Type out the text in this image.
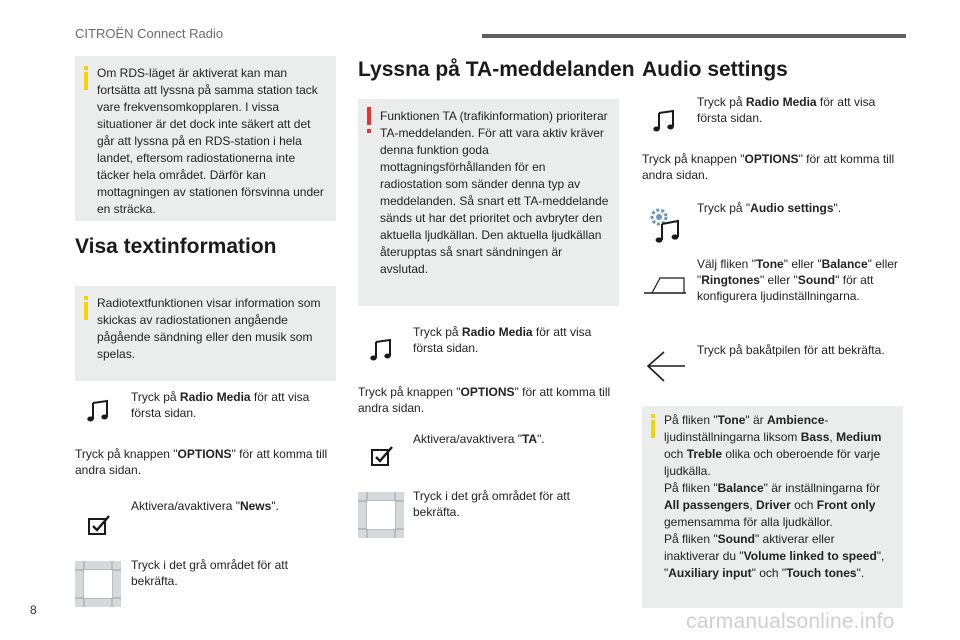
CITROËN Connect Radio
8	carmanualsonline.info
Om RDS-läget är aktiverat kan man fortsätta att lyssna på samma station tack vare frekvensomkopplaren. I vissa situationer är det dock inte säkert att det går att lyssna på en RDS-station i hela landet, eftersom radiostationerna inte täcker hela området. Därför kan mottagningen av stationen försvinna under en sträcka.
Visa textinformation
Radiotextfunktionen visar information som skickas av radiostationen angående pågående sändning eller den musik som spelas.
Tryck på Radio Media för att visa första sidan.
Tryck på knappen "OPTIONS" för att komma till andra sidan.
Aktivera/avaktivera "News".
Tryck i det grå området för att bekräfta.
Lyssna på TA-meddelanden
Funktionen TA (trafikinformation) prioriterar TA-meddelanden. För att vara aktiv kräver denna funktion goda mottagningsförhållanden för en radiostation som sänder denna typ av meddelanden. Så snart ett TA-meddelande sänds ut har det prioritet och avbryter den aktuella ljudkällan. Den aktuella ljudkällan återupptas så snart sändningen är avslutad.
Tryck på Radio Media för att visa första sidan.
Tryck på knappen "OPTIONS" för att komma till andra sidan.
Aktivera/avaktivera "TA".
Tryck i det grå området för att bekräfta.
Audio settings
Tryck på Radio Media för att visa första sidan.
Tryck på knappen "OPTIONS" för att komma till andra sidan.
Tryck på "Audio settings".
Välj fliken "Tone" eller "Balance" eller "Ringtones" eller "Sound" för att konfigurera ljudinställningarna.
Tryck på bakåtpilen för att bekräfta.
På fliken "Tone" är Ambience-ljudinställningarna liksom Bass, Medium och Treble olika och oberoende för varje ljudkälla.
På fliken "Balance" är inställningarna för All passengers, Driver och Front only gemensamma för alla ljudkällor.
På fliken "Sound" aktiverar eller inaktiverar du "Volume linked to speed", "Auxiliary input" och "Touch tones".
